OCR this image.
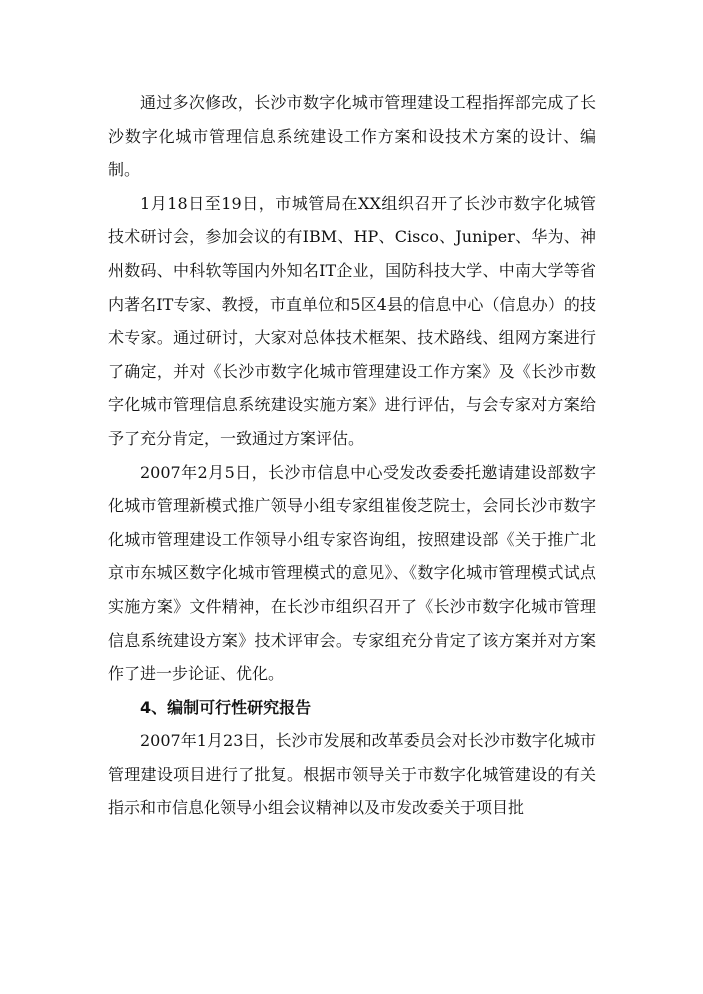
通过多次修改，长沙市数字化城市管理建设工程指挥部完成了长沙数字化城市管理信息系统建设工作方案和设技术方案的设计、编制。

1月18日至19日，市城管局在XX组织召开了长沙市数字化城管技术研讨会，参加会议的有IBM、HP、Cisco、Juniper、华为、神州数码、中科软等国内外知名IT企业，国防科技大学、中南大学等省内著名IT专家、教授，市直单位和5区4县的信息中心（信息办）的技术专家。通过研讨，大家对总体技术框架、技术路线、组网方案进行了确定，并对《长沙市数字化城市管理建设工作方案》及《长沙市数字化城市管理信息系统建设实施方案》进行评估，与会专家对方案给予了充分肯定，一致通过方案评估。

2007年2月5日，长沙市信息中心受发改委委托邀请建设部数字化城市管理新模式推广领导小组专家组崔俊芝院士，会同长沙市数字化城市管理建设工作领导小组专家咨询组，按照建设部《关于推广北京市东城区数字化城市管理模式的意见》、《数字化城市管理模式试点实施方案》文件精神，在长沙市组织召开了《长沙市数字化城市管理信息系统建设方案》技术评审会。专家组充分肯定了该方案并对方案作了进一步论证、优化。

4、编制可行性研究报告

2007年1月23日，长沙市发展和改革委员会对长沙市数字化城市管理建设项目进行了批复。根据市领导关于市数字化城管建设的有关指示和市信息化领导小组会议精神以及市发改委关于项目批
